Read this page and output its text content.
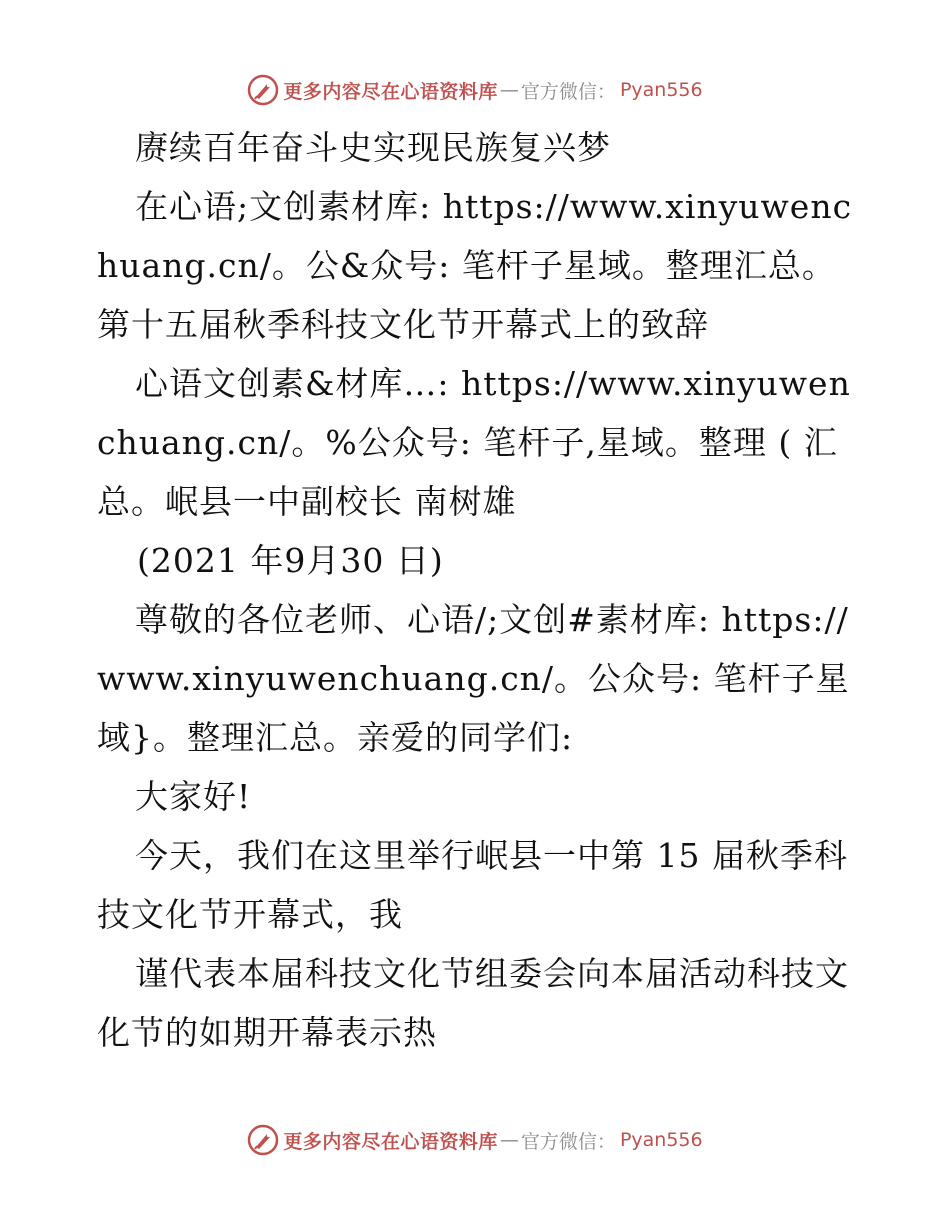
更多内容尽在心语资料库 — 官方微信： Pyan556

赓续百年奋斗史实现民族复兴梦

在心语;文创素材库: https://www.xinyuwenchuang.cn/。公&众号: 笔杆子星域。整理汇总。第十五届秋季科技文化节开幕式上的致辞

心语文创素&材库…: https://www.xinyuwenchuang.cn/。%公众号: 笔杆子,星域。整理 ( 汇总。岷县一中副校长 南树雄

(2021 年9月30 日)

尊敬的各位老师、心语/;文创#素材库: https://www.xinyuwenchuang.cn/。公众号: 笔杆子星域}。整理汇总。亲爱的同学们:

大家好!

今天，我们在这里举行岷县一中第 15 届秋季科技文化节开幕式，我

谨代表本届科技文化节组委会向本届活动科技文化节的如期开幕表示热

更多内容尽在心语资料库 — 官方微信： Pyan556
